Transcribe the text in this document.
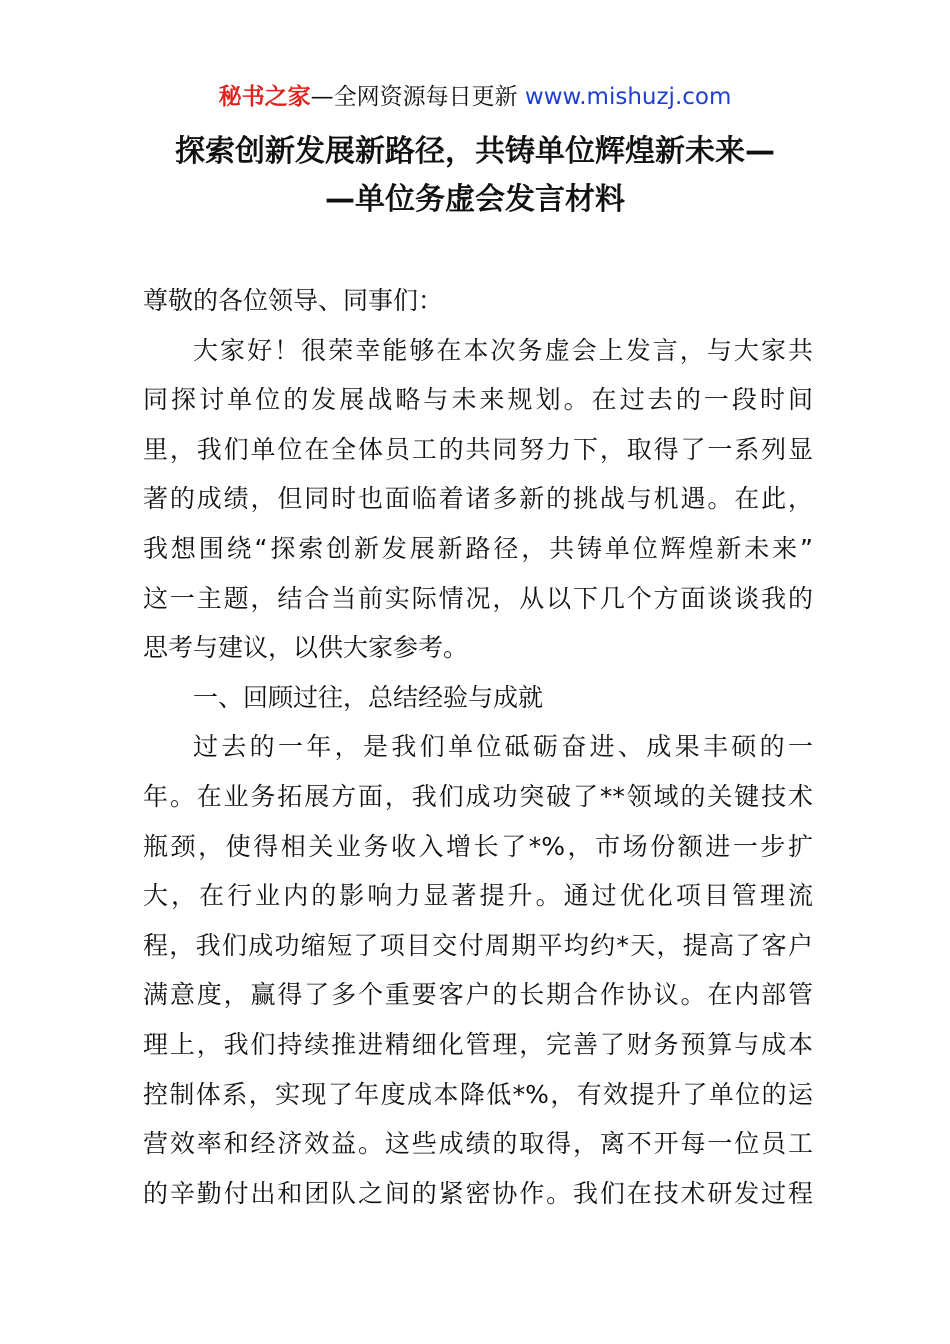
秘书之家—全网资源每日更新 www.mishuzj.com
探索创新发展新路径，共铸单位辉煌新未来—
—单位务虚会发言材料
尊敬的各位领导、同事们：
大家好！很荣幸能够在本次务虚会上发言，与大家共
同探讨单位的发展战略与未来规划。在过去的一段时间
里，我们单位在全体员工的共同努力下，取得了一系列显
著的成绩，但同时也面临着诸多新的挑战与机遇。在此，
我想围绕“探索创新发展新路径，共铸单位辉煌新未来”
这一主题，结合当前实际情况，从以下几个方面谈谈我的
思考与建议，以供大家参考。
一、回顾过往，总结经验与成就
过去的一年，是我们单位砥砺奋进、成果丰硕的一
年。在业务拓展方面，我们成功突破了**领域的关键技术
瓶颈，使得相关业务收入增长了*%，市场份额进一步扩
大，在行业内的影响力显著提升。通过优化项目管理流
程，我们成功缩短了项目交付周期平均约*天，提高了客户
满意度，赢得了多个重要客户的长期合作协议。在内部管
理上，我们持续推进精细化管理，完善了财务预算与成本
控制体系，实现了年度成本降低*%，有效提升了单位的运
营效率和经济效益。这些成绩的取得，离不开每一位员工
的辛勤付出和团队之间的紧密协作。我们在技术研发过程
